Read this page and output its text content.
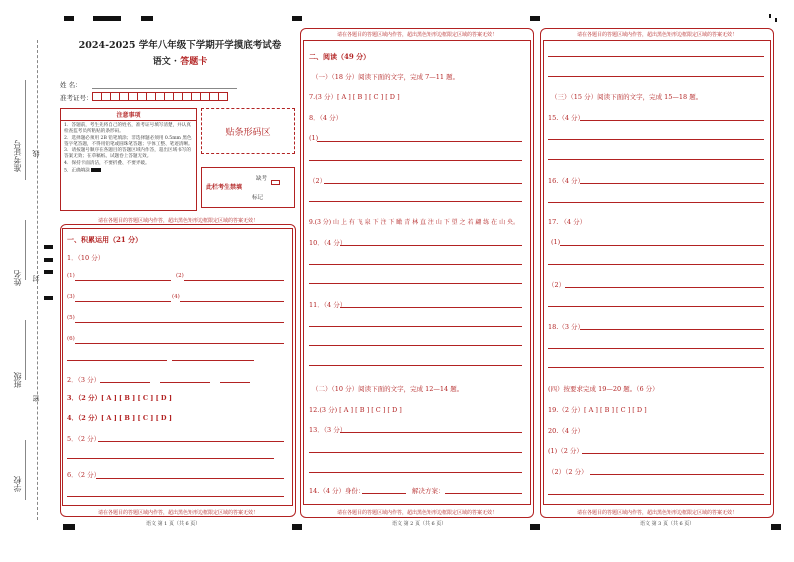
准考证号
姓名
班级
学校
线
封
密
2024-2025 学年八年级下学期开学摸底考试卷
语文 · 答题卡
姓 名：
准考证号：
注意事项
1．答题前，考生先将自己的姓名，准考证号填写清楚，并认真检查监考员所粘贴的条形码。
2．选择题必须用 2B 铅笔填涂；非选择题必须用 0.5mm 黑色签字笔答题，不得用铅笔或圆珠笔答题；字体工整、笔迹清晰。
3．请按题号顺序在各题目的答题区域内作答，超出区域书写的答案无效；在草稿纸、试题卷上答题无效。
4．保持卡面清洁，不要折叠、不要弄破。
5．正确填涂
贴条形码区
此栏考生禁填
缺考
标记
请在各题目的答题区域内作答，超出黑色矩形边框限定区域的答案无效！
一、积累运用（21 分）
1．（10 分）
(1)	(2)
(3)	(4)
(5)
(6)
2．（3 分）
3．（2 分）[ A ] [ B ] [ C ] [ D ]
4．（2 分）[ A ] [ B ] [ C ] [ D ]
5．（2 分）
6．（2 分）
请在各题目的答题区域内作答，超出黑色矩形边框限定区域的答案无效！
语文 第 1 页（共 6 页）
请在各题目的答题区域内作答，超出黑色矩形边框限定区域的答案无效！
二、阅读（49 分）
（一）（18 分）阅读下面的文字，完成 7—11 题。
7.(3 分）[ A ] [ B ] [ C ] [ D ]
8．（4 分）
(1)
（2）
9.(3 分) 山 上 有 飞 泉 下 注 下 瞰 青 林 直 注 山 下 望 之 若 翩 练 在 山 央。
10．（4 分）
11．（4 分）
（二）（10 分）阅读下面的文字，完成 12—14 题。
12.(3 分) [ A ] [ B ] [ C ] [ D ]
13．（3 分）
14.（4 分）身份：	解决方案：
请在各题目的答题区域内作答，超出黑色矩形边框限定区域的答案无效！
语文 第 2 页（共 6 页）
请在各题目的答题区域内作答，超出黑色矩形边框限定区域的答案无效！
（三）（15 分）阅读下面的文字，完成 15—18 题。
15.（4 分）
16.（4 分）
17. （4 分）
(1)
（2）
18.（3 分）
(四）按要求完成 19—20 题。（6 分）
19.（2 分）[ A ] [ B ] [ C ] [ D ]
20.（4 分）
(1)（2 分）
（2）（2 分）
请在各题目的答题区域内作答，超出黑色矩形边框限定区域的答案无效！
语文 第 3 页（共 6 页）
